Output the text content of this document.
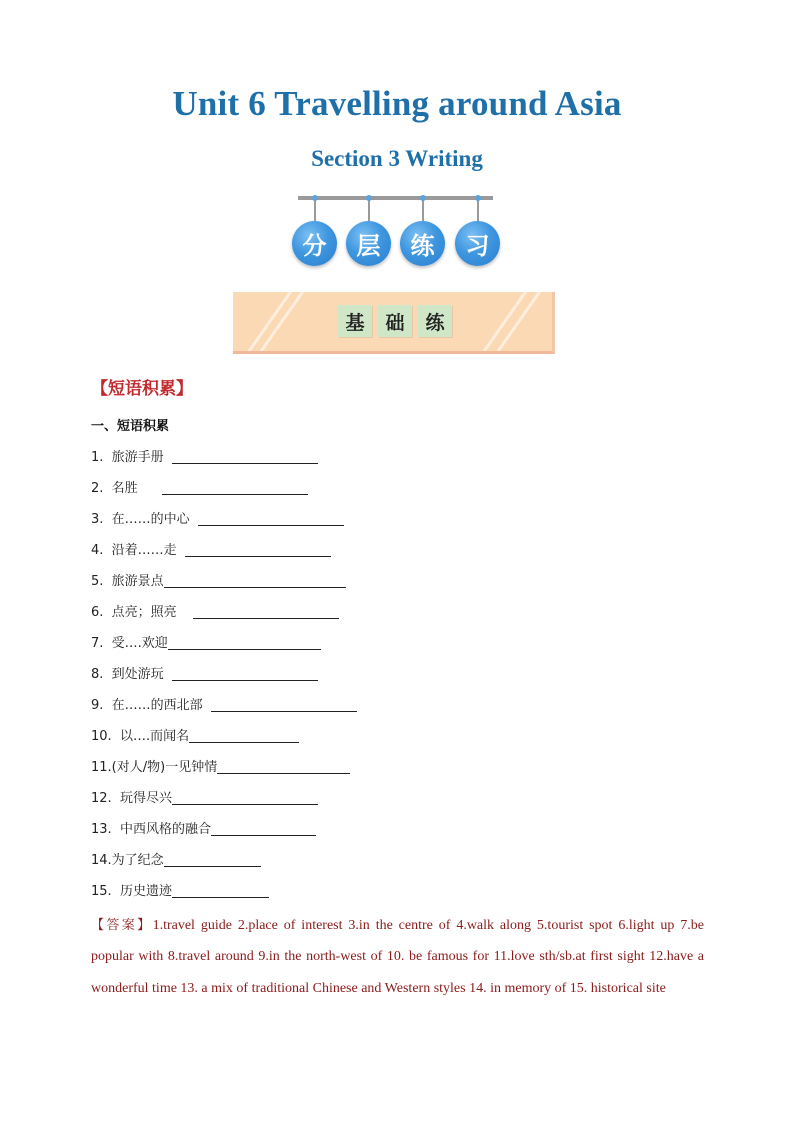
Unit 6 Travelling around Asia
Section 3 Writing
分	层	练	习
基	础	练
【短语积累】
一、短语积累
1.  旅游手册
2.  名胜
3.  在……的中心
4.  沿着……走
5.  旅游景点
6.  点亮；照亮
7.  受….欢迎
8.  到处游玩
9.  在……的西北部
10.  以….而闻名
11.(对人/物)一见钟情
12.  玩得尽兴
13.  中西风格的融合
14.为了纪念
15.  历史遗迹
【答案】1.travel guide 2.place of interest 3.in the centre of 4.walk along 5.tourist spot 6.light up 7.be popular with 8.travel around 9.in the north-west of 10. be famous for 11.love sth/sb.at first sight 12.have a wonderful time 13. a mix of traditional Chinese and Western styles 14. in memory of 15. historical site
